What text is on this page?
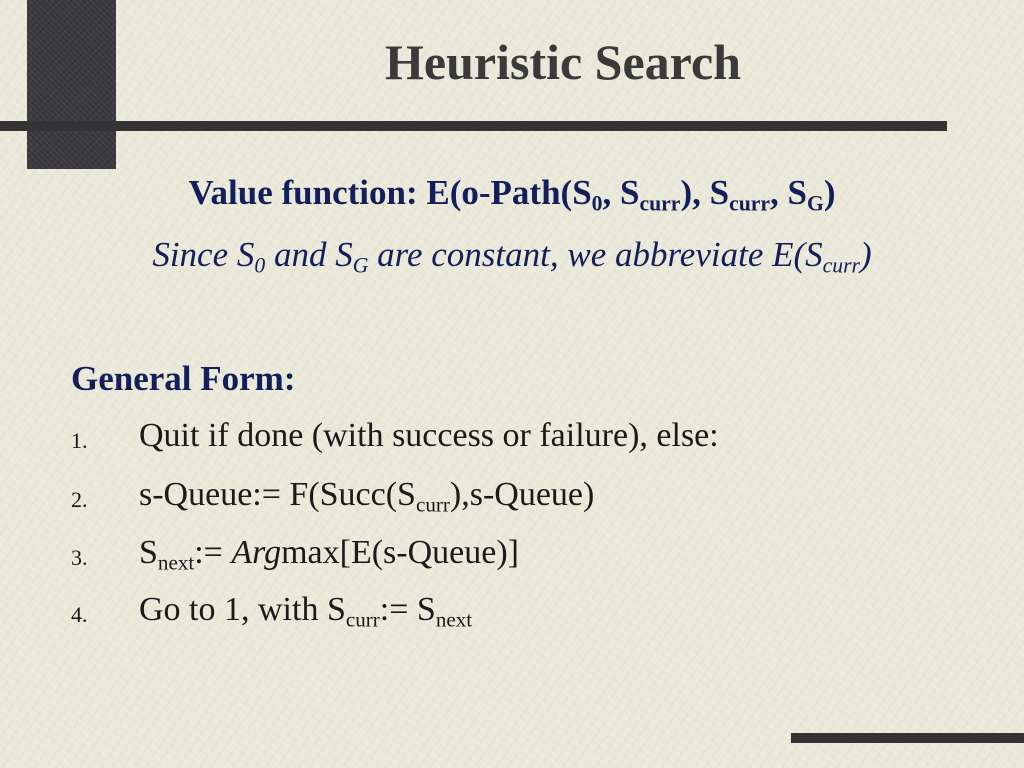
Heuristic Search
Value function: $E(o-Path(S_0$, $S_{curr}$), $S_{curr}$, $S_G$)
Since $S_0$ and $S_G$ are constant, we abbreviate $E(S_{curr})$
General Form:
1. Quit if done (with success or failure), else:
2. s-Queue:= $F(Succ(S_{curr}),s-Queue)$
3. $S_{next}:=$ Argmax[E(s-Queue)]
4. Go to 1, with $S_{curr}:= S_{next}$
